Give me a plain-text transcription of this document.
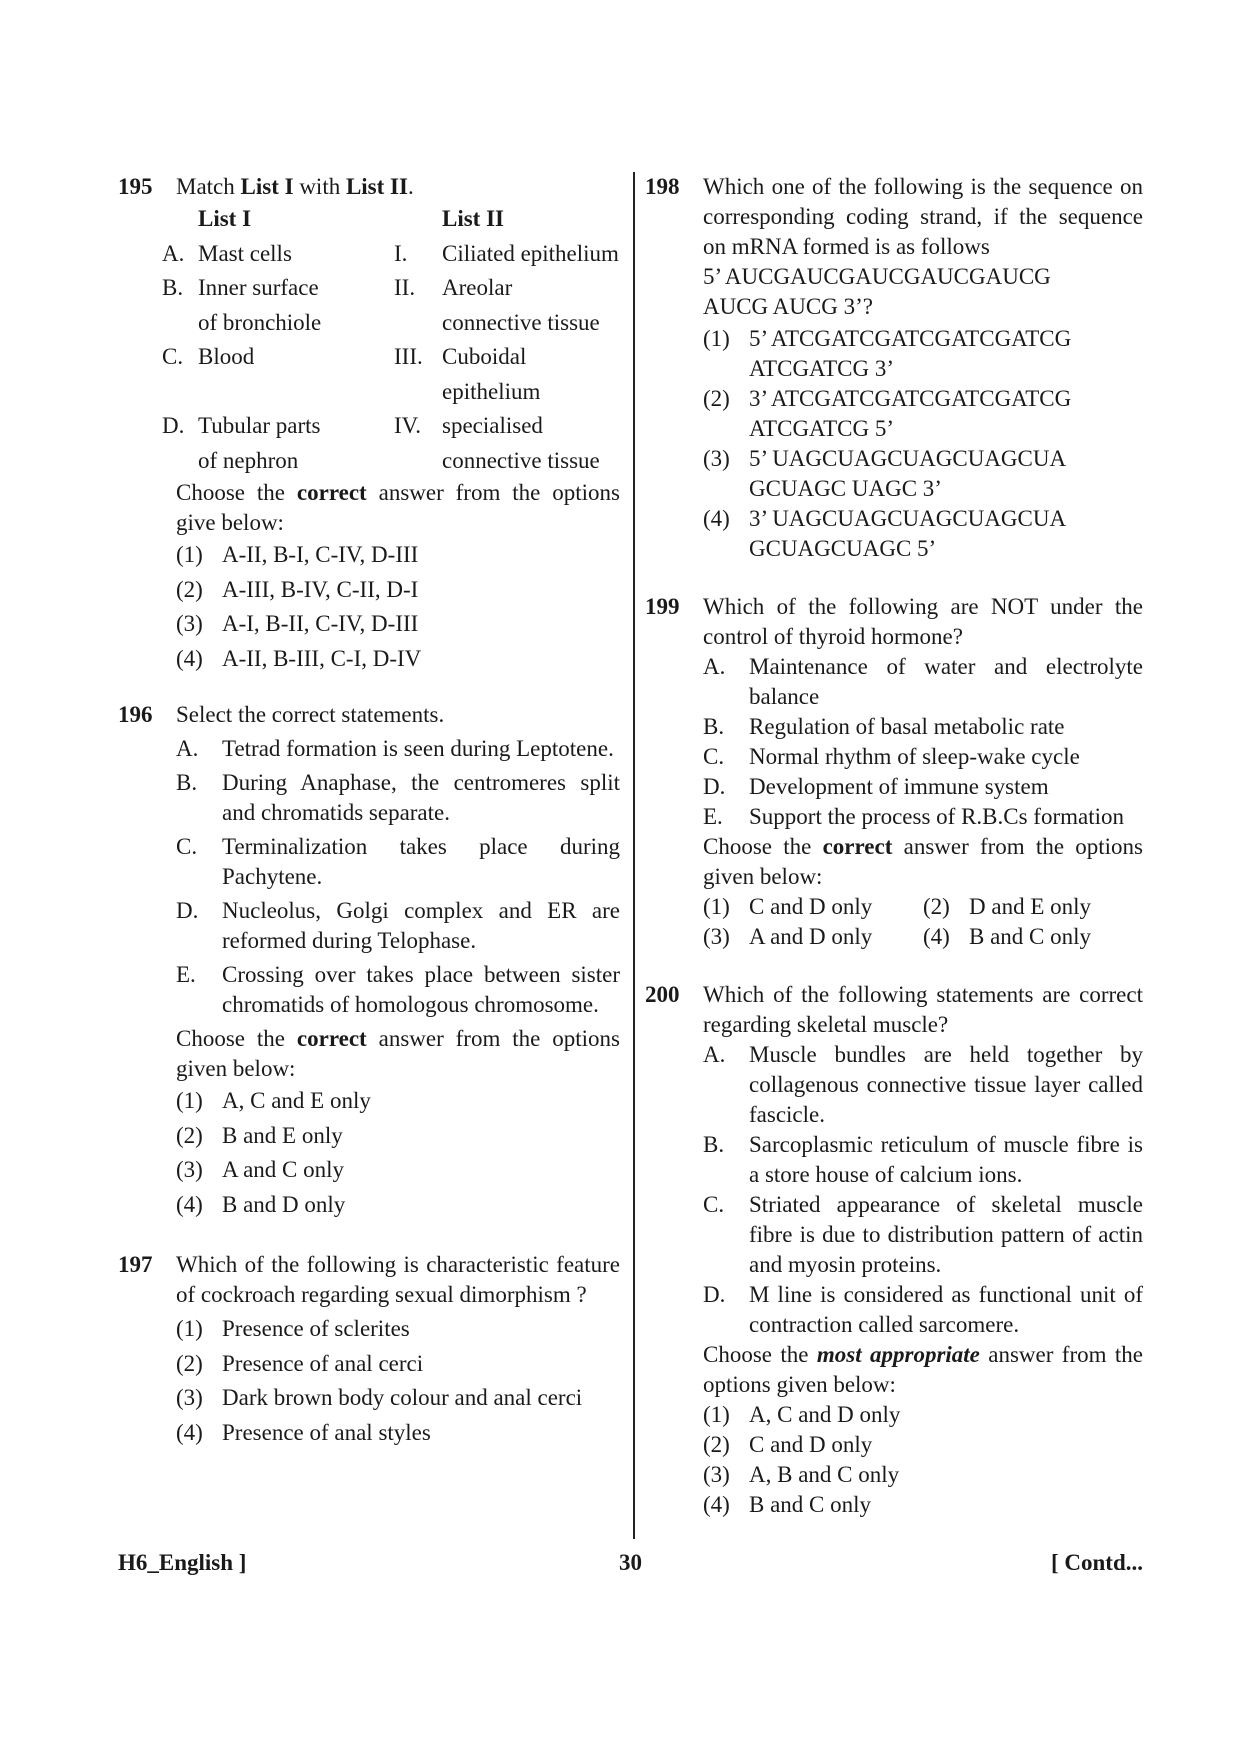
195 Match List I with List II.
List I	List II
A. Mast cells	I.	Ciliated epithelium
B. Inner surface	II.	Areolar
of bronchiole	connective tissue
C. Blood	III. Cuboidal epithelium
D. Tubular parts	IV. specialised
of nephron	connective tissue
Choose the correct answer from the options give below:
(1) A-II, B-I, C-IV, D-III
(2) A-III, B-IV, C-II, D-I
(3) A-I, B-II, C-IV, D-III
(4) A-II, B-III, C-I, D-IV
196 Select the correct statements.
A.	Tetrad formation is seen during Leptotene.
B.	During Anaphase, the centromeres split and chromatids separate.
C.	Terminalization takes place during Pachytene.
D.	Nucleolus, Golgi complex and ER are reformed during Telophase.
E.	Crossing over takes place between sister chromatids of homologous chromosome.
Choose the correct answer from the options given below:
(1) A, C and E only
(2) B and E only
(3) A and C only
(4) B and D only
197 Which of the following is characteristic feature of cockroach regarding sexual dimorphism ?
(1) Presence of sclerites
(2) Presence of anal cerci
(3) Dark brown body colour and anal cerci
(4) Presence of anal styles
198 Which one of the following is the sequence on corresponding coding strand, if the sequence on mRNA formed is as follows
5’ AUCGAUCGAUCGAUCGAUCG
AUCG AUCG 3’?
(1) 5’ ATCGATCGATCGATCGATCG
ATCGATCG 3’
(2) 3’ ATCGATCGATCGATCGATCG
ATCGATCG 5’
(3) 5’ UAGCUAGCUAGCUAGCUA
GCUAGC UAGC 3’
(4) 3’ UAGCUAGCUAGCUAGCUA
GCUAGCUAGC 5’
199 Which of the following are NOT under the control of thyroid hormone?
A.	Maintenance of water and electrolyte balance
B.	Regulation of basal metabolic rate
C.	Normal rhythm of sleep-wake cycle
D.	Development of immune system
E.	Support the process of R.B.Cs formation
Choose the correct answer from the options given below:
(1) C and D only (2) D and E only
(3) A and D only (4) B and C only
200 Which of the following statements are correct regarding skeletal muscle?
A.	Muscle bundles are held together by collagenous connective tissue layer called fascicle.
B.	Sarcoplasmic reticulum of muscle fibre is a store house of calcium ions.
C.	Striated appearance of skeletal muscle fibre is due to distribution pattern of actin and myosin proteins.
D.	M line is considered as functional unit of contraction called sarcomere.
Choose the most appropriate answer from the options given below:
(1) A, C and D only
(2) C and D only
(3) A, B and C only
(4) B and C only
H6_English ]	30	[ Contd...
